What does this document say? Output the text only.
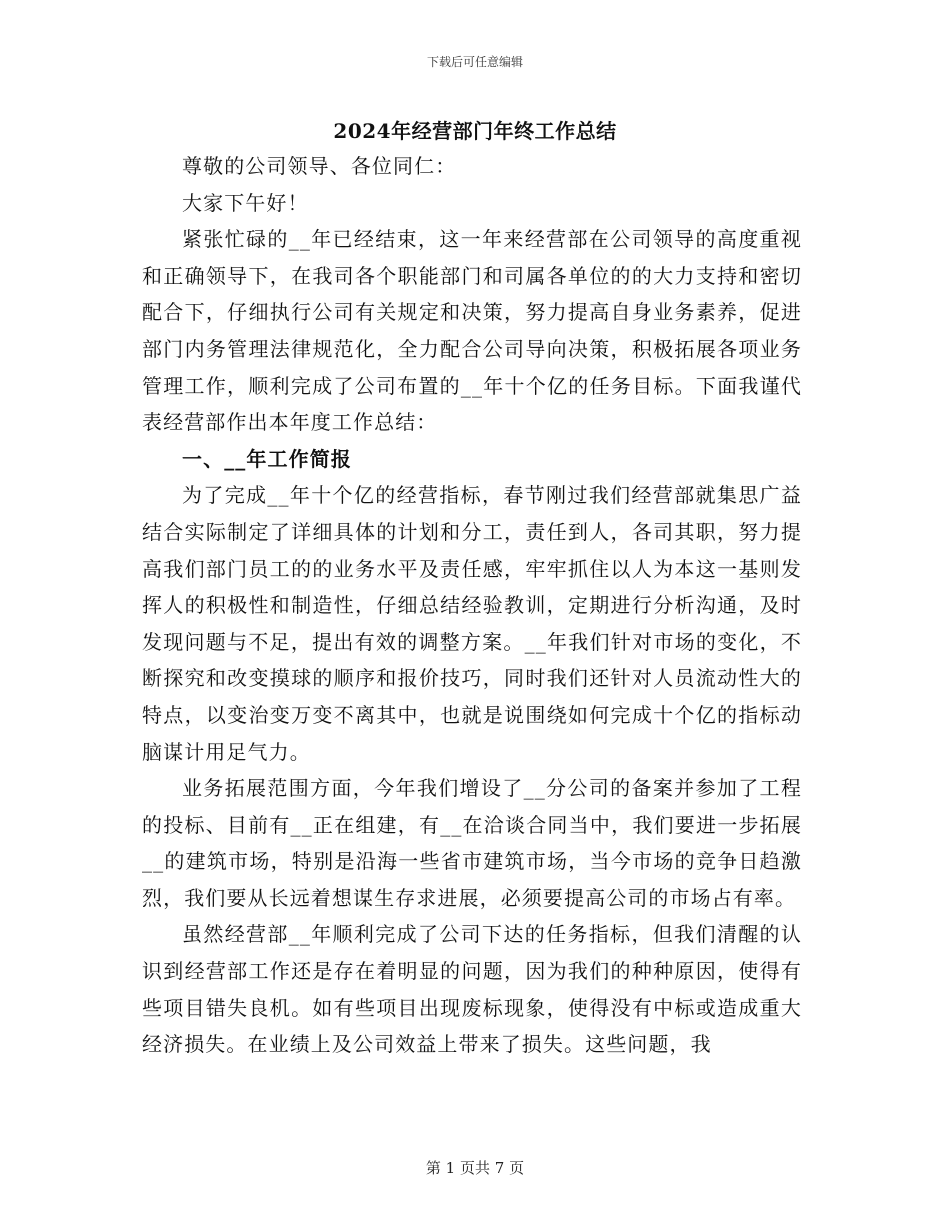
下载后可任意编辑
2024年经营部门年终工作总结

尊敬的公司领导、各位同仁：

大家下午好！

紧张忙碌的__年已经结束，这一年来经营部在公司领导的高度重视和正确领导下，在我司各个职能部门和司属各单位的的大力支持和密切配合下，仔细执行公司有关规定和决策，努力提高自身业务素养，促进部门内务管理法律规范化，全力配合公司导向决策，积极拓展各项业务管理工作，顺利完成了公司布置的__年十个亿的任务目标。下面我谨代表经营部作出本年度工作总结：

一、__年工作简报

为了完成__年十个亿的经营指标，春节刚过我们经营部就集思广益结合实际制定了详细具体的计划和分工，责任到人，各司其职，努力提高我们部门员工的的业务水平及责任感，牢牢抓住以人为本这一基则发挥人的积极性和制造性，仔细总结经验教训，定期进行分析沟通，及时发现问题与不足，提出有效的调整方案。__年我们针对市场的变化，不断探究和改变摸球的顺序和报价技巧，同时我们还针对人员流动性大的特点，以变治变万变不离其中，也就是说围绕如何完成十个亿的指标动脑谋计用足气力。

业务拓展范围方面，今年我们增设了__分公司的备案并参加了工程的投标、目前有__正在组建，有__在洽谈合同当中，我们要进一步拓展__的建筑市场，特别是沿海一些省市建筑市场，当今市场的竞争日趋激烈，我们要从长远着想谋生存求进展，必须要提高公司的市场占有率。

虽然经营部__年顺利完成了公司下达的任务指标，但我们清醒的认识到经营部工作还是存在着明显的问题，因为我们的种种原因，使得有些项目错失良机。如有些项目出现废标现象，使得没有中标或造成重大经济损失。在业绩上及公司效益上带来了损失。这些问题，我

第 1 页共 7 页
